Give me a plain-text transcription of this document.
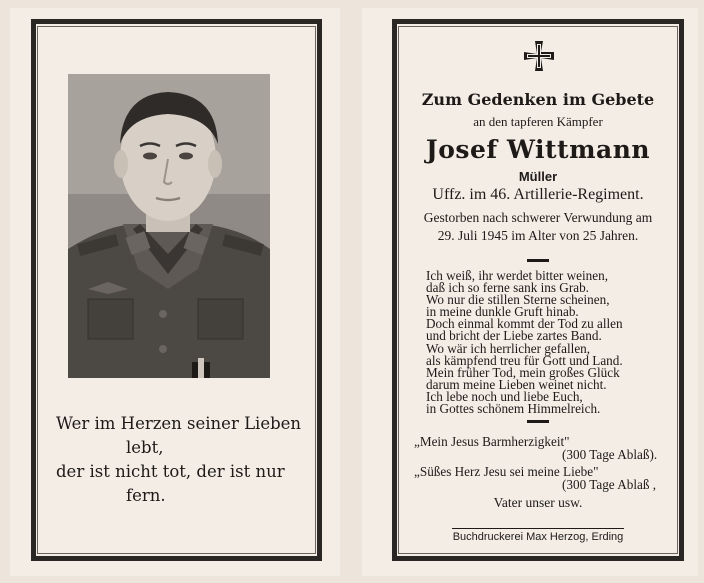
Wer im Herzen seiner Lieben
lebt,
der ist nicht tot, der ist nur
fern.
Zum Gedenken im Gebete
an den tapferen Kämpfer
Josef Wittmann
Müller
Uffz. im 46. Artillerie-Regiment.
Gestorben nach schwerer Verwundung am
29. Juli 1945 im Alter von 25 Jahren.
Ich weiß, ihr werdet bitter weinen,
daß ich so ferne sank ins Grab.
Wo nur die stillen Sterne scheinen,
in meine dunkle Gruft hinab.
Doch einmal kommt der Tod zu allen
und bricht der Liebe zartes Band.
Wo wär ich herrlicher gefallen,
als kämpfend treu für Gott und Land.
Mein früher Tod, mein großes Glück
darum meine Lieben weinet nicht.
Ich lebe noch und liebe Euch,
in Gottes schönem Himmelreich.
„Mein Jesus Barmherzigkeit"
(300 Tage Ablaß).
„Süßes Herz Jesu sei meine Liebe"
(300 Tage Ablaß ,
Vater unser usw.
Buchdruckerei Max Herzog, Erding
